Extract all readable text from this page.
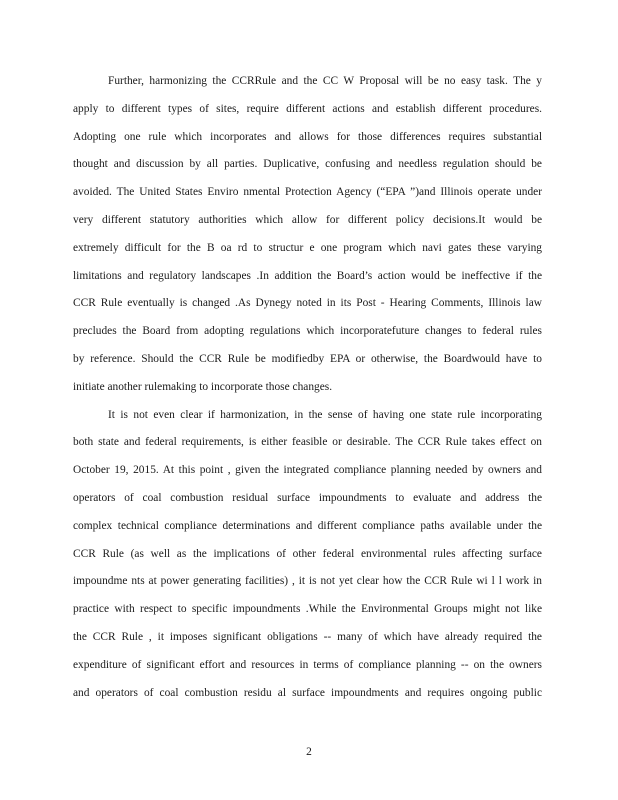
Further, harmonizing the CCRRule and the CC W Proposal will be no easy task. The y
apply to different types of sites, require different actions and establish different procedures.
Adopting one rule which incorporates and allows for those differences requires substantial
thought and discussion by all parties. Duplicative, confusing and needless regulation should be
avoided. The United States Enviro nmental Protection Agency (“EPA ”)and Illinois operate under
very different statutory authorities which allow for different policy decisions.It would be
extremely difficult for the B oa rd to structur e one program which navi gates these varying
limitations and regulatory landscapes .In addition the Board’s action would be ineffective if the
CCR Rule eventually is changed .As Dynegy noted in its Post - Hearing Comments, Illinois law
precludes the Board from adopting regulations which incorporatefuture changes to federal rules
by reference. Should the CCR Rule be modifiedby EPA or otherwise, the Boardwould have to
initiate another rulemaking to incorporate those changes.
It is not even clear if harmonization, in the sense of having one state rule incorporating
both state and federal requirements, is either feasible or desirable. The CCR Rule takes effect on
October 19, 2015. At this point , given the integrated compliance planning needed by owners and
operators of coal combustion residual surface impoundments to evaluate and address the
complex technical compliance determinations and different compliance paths available under the
CCR Rule (as well as the implications of other federal environmental rules affecting surface
impoundme nts at power generating facilities) , it is not yet clear how the CCR Rule wi l l work in
practice with respect to specific impoundments .While the Environmental Groups might not like
the CCR Rule , it imposes significant obligations -- many of which have already required the
expenditure of significant effort and resources in terms of compliance planning -- on the owners
and operators of coal combustion residu al surface impoundments and requires ongoing public
2
